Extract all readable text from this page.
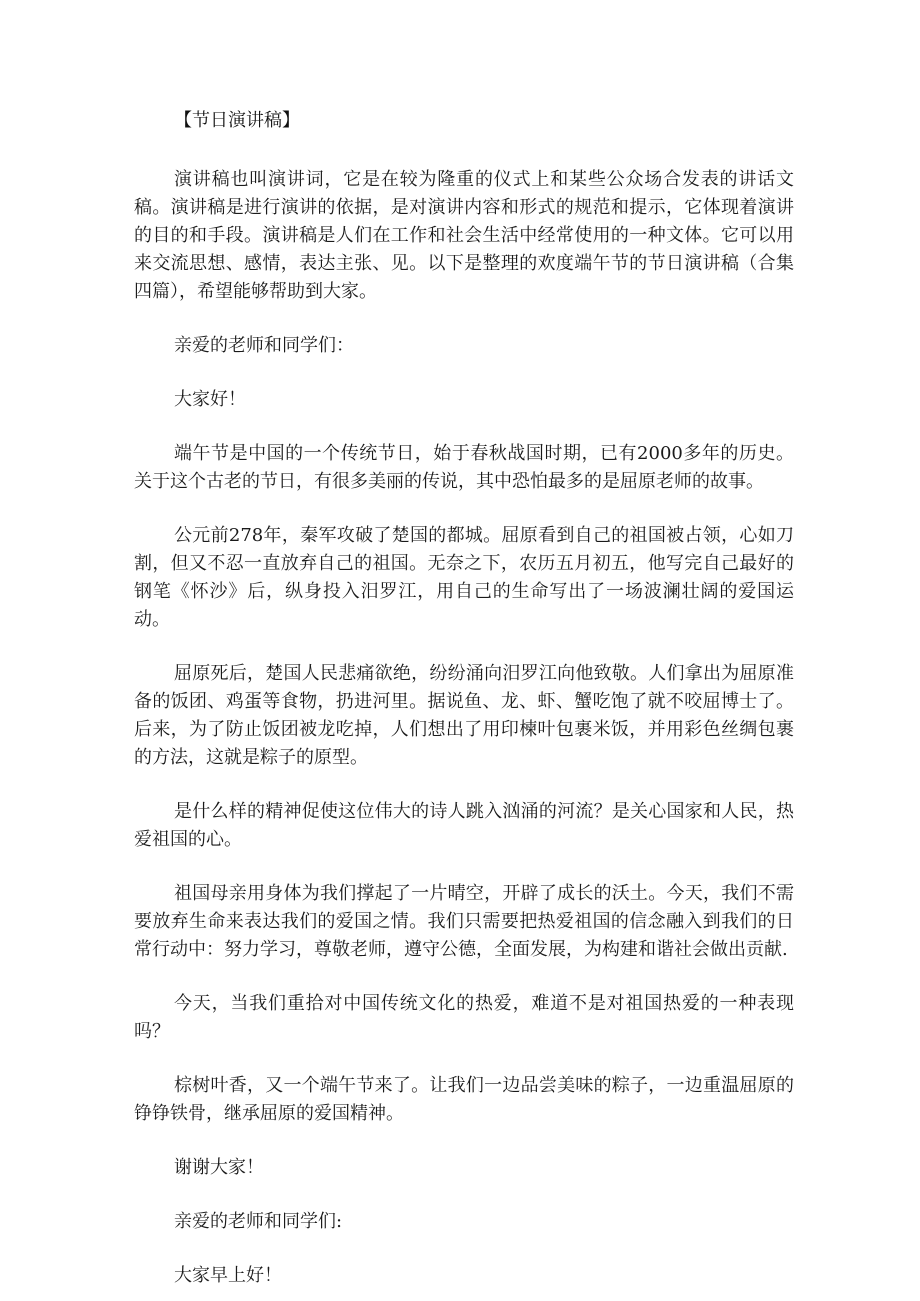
【节日演讲稿】

演讲稿也叫演讲词，它是在较为隆重的仪式上和某些公众场合发表的讲话文稿。演讲稿是进行演讲的依据，是对演讲内容和形式的规范和提示，它体现着演讲的目的和手段。演讲稿是人们在工作和社会生活中经常使用的一种文体。它可以用来交流思想、感情，表达主张、见。以下是整理的欢度端午节的节日演讲稿（合集四篇），希望能够帮助到大家。

亲爱的老师和同学们：

大家好！

端午节是中国的一个传统节日，始于春秋战国时期，已有2000多年的历史。关于这个古老的节日，有很多美丽的传说，其中恐怕最多的是屈原老师的故事。

公元前278年，秦军攻破了楚国的都城。屈原看到自己的祖国被占领，心如刀割，但又不忍一直放弃自己的祖国。无奈之下，农历五月初五，他写完自己最好的钢笔《怀沙》后，纵身投入汨罗江，用自己的生命写出了一场波澜壮阔的爱国运动。

屈原死后，楚国人民悲痛欲绝，纷纷涌向汨罗江向他致敬。人们拿出为屈原准备的饭团、鸡蛋等食物，扔进河里。据说鱼、龙、虾、蟹吃饱了就不咬屈博士了。后来，为了防止饭团被龙吃掉，人们想出了用印楝叶包裹米饭，并用彩色丝绸包裹的方法，这就是粽子的原型。

是什么样的精神促使这位伟大的诗人跳入汹涌的河流？是关心国家和人民，热爱祖国的心。

祖国母亲用身体为我们撑起了一片晴空，开辟了成长的沃土。今天，我们不需要放弃生命来表达我们的爱国之情。我们只需要把热爱祖国的信念融入到我们的日常行动中：努力学习，尊敬老师，遵守公德，全面发展，为构建和谐社会做出贡献.

今天，当我们重拾对中国传统文化的热爱，难道不是对祖国热爱的一种表现吗？

棕树叶香，又一个端午节来了。让我们一边品尝美味的粽子，一边重温屈原的铮铮铁骨，继承屈原的爱国精神。

谢谢大家！

亲爱的老师和同学们:

大家早上好！
